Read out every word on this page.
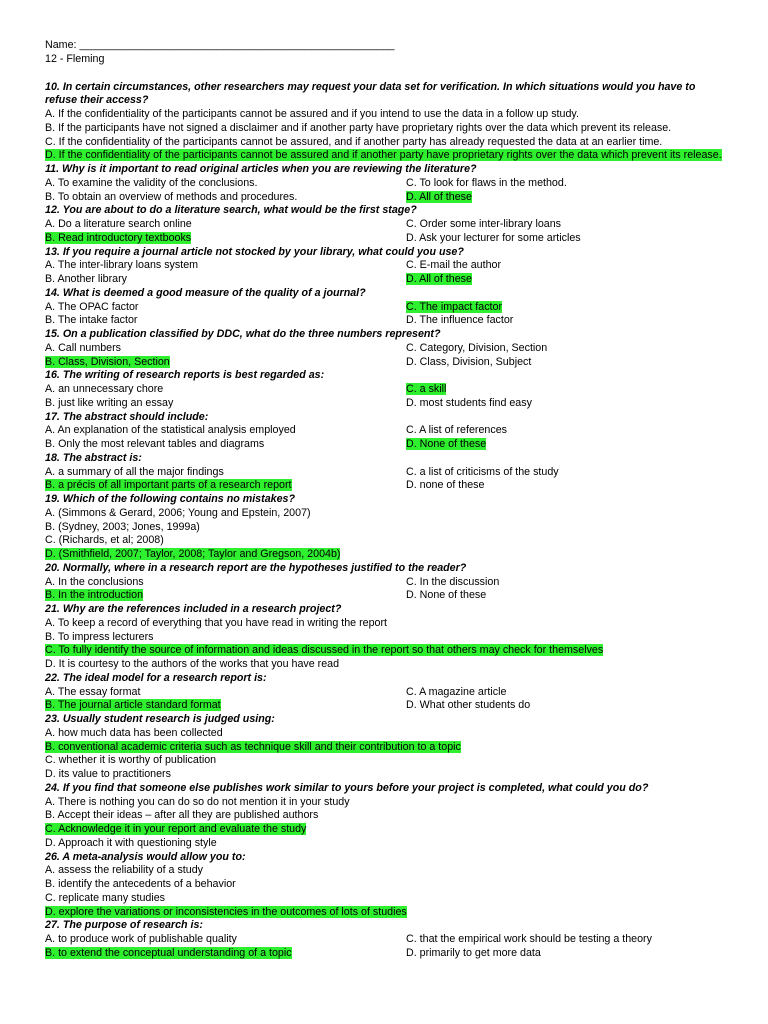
Name: _____________________________________________________
12 - Fleming
10. In certain circumstances, other researchers may request your data set for verification. In which situations would you have to refuse their access?
A. If the confidentiality of the participants cannot be assured and if you intend to use the data in a follow up study.
B. If the participants have not signed a disclaimer and if another party have proprietary rights over the data which prevent its release.
C. If the confidentiality of the participants cannot be assured, and if another party has already requested the data at an earlier time.
D. If the confidentiality of the participants cannot be assured and if another party have proprietary rights over the data which prevent its release.
11. Why is it important to read original articles when you are reviewing the literature?
A. To examine the validity of the conclusions.	C. To look for flaws in the method.
B. To obtain an overview of methods and procedures.	D. All of these
12. You are about to do a literature search, what would be the first stage?
A. Do a literature search online	C. Order some inter-library loans
B. Read introductory textbooks	D. Ask your lecturer for some articles
13. If you require a journal article not stocked by your library, what could you use?
A. The inter-library loans system	C. E-mail the author
B. Another library	D. All of these
14. What is deemed a good measure of the quality of a journal?
A. The OPAC factor	C. The impact factor
B. The intake factor	D. The influence factor
15. On a publication classified by DDC, what do the three numbers represent?
A. Call numbers	C. Category, Division, Section
B. Class, Division, Section	D. Class, Division, Subject
16. The writing of research reports is best regarded as:
A. an unnecessary chore	C. a skill
B. just like writing an essay	D. most students find easy
17. The abstract should include:
A. An explanation of the statistical analysis employed	C. A list of references
B. Only the most relevant tables and diagrams	D. None of these
18. The abstract is:
A. a summary of all the major findings	C. a list of criticisms of the study
B. a précis of all important parts of a research report	D. none of these
19. Which of the following contains no mistakes?
A. (Simmons & Gerard, 2006; Young and Epstein, 2007)
B. (Sydney, 2003; Jones, 1999a)
C. (Richards, et al; 2008)
D. (Smithfield, 2007; Taylor, 2008; Taylor and Gregson, 2004b)
20. Normally, where in a research report are the hypotheses justified to the reader?
A. In the conclusions	C. In the discussion
B. In the introduction	D. None of these
21. Why are the references included in a research project?
A. To keep a record of everything that you have read in writing the report
B. To impress lecturers
C. To fully identify the source of information and ideas discussed in the report so that others may check for themselves
D. It is courtesy to the authors of the works that you have read
22. The ideal model for a research report is:
A. The essay format	C. A magazine article
B. The journal article standard format	D. What other students do
23. Usually student research is judged using:
A. how much data has been collected
B. conventional academic criteria such as technique skill and their contribution to a topic
C. whether it is worthy of publication
D. its value to practitioners
24. If you find that someone else publishes work similar to yours before your project is completed, what could you do?
A. There is nothing you can do so do not mention it in your study
B. Accept their ideas – after all they are published authors
C. Acknowledge it in your report and evaluate the study
D. Approach it with questioning style
26. A meta-analysis would allow you to:
A. assess the reliability of a study
B. identify the antecedents of a behavior
C. replicate many studies
D. explore the variations or inconsistencies in the outcomes of lots of studies
27. The purpose of research is:
A. to produce work of publishable quality	C. that the empirical work should be testing a theory
B. to extend the conceptual understanding of a topic	D. primarily to get more data
